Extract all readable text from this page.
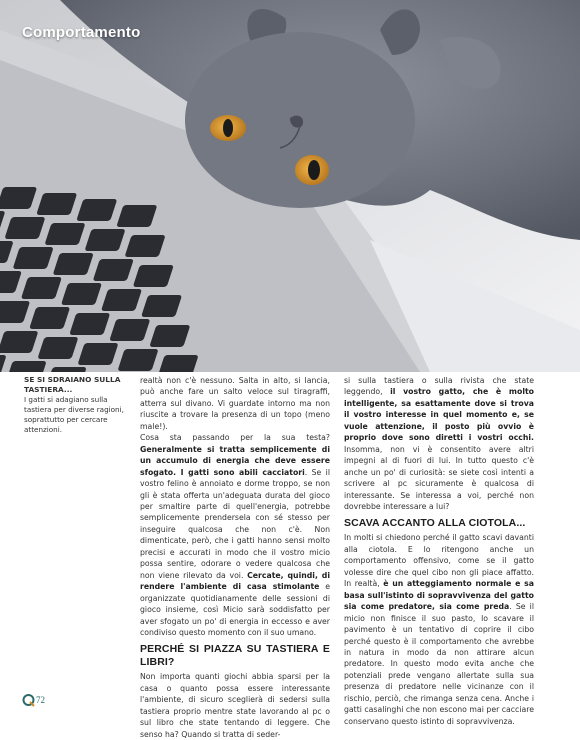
Comportamento
SE SI SDRAIANO SULLA TASTIERA...
I gatti si adagiano sulla tastiera per diverse ragioni, soprattutto per cercare attenzioni.

realtà non c'è nessuno. Salta in alto, si lancia, può anche fare un salto veloce sul tiragraffi, atterra sul divano. Vi guardate intorno ma non riuscite a trovare la presenza di un topo (meno male!).

Cosa sta passando per la sua testa? Generalmente si tratta semplicemente di un accumulo di energia che deve essere sfogato. I gatti sono abili cacciatori. Se il vostro felino è annoiato e dorme troppo, se non gli è stata offerta un'adeguata durata del gioco per smaltire parte di quell'energia, potrebbe semplicemente prendersela con sé stesso per inseguire qualcosa che non c'è. Non dimenticate, però, che i gatti hanno sensi molto precisi e accurati in modo che il vostro micio possa sentire, odorare o vedere qualcosa che non viene rilevato da voi. Cercate, quindi, di rendere l'ambiente di casa stimolante e organizzate quotidianamente delle sessioni di gioco insieme, così Micio sarà soddisfatto per aver sfogato un po' di energia in eccesso e aver condiviso questo momento con il suo umano.

PERCHÉ SI PIAZZA SU TASTIERA E LIBRI?

Non importa quanti giochi abbia sparsi per la casa o quanto possa essere interessante l'ambiente, di sicuro sceglierà di sedersi sulla tastiera proprio mentre state lavorando al pc o sul libro che state tentando di leggere. Che senso ha? Quando si tratta di seder-

si sulla tastiera o sulla rivista che state leggendo, il vostro gatto, che è molto intelligente, sa esattamente dove si trova il vostro interesse in quel momento e, se vuole attenzione, il posto più ovvio è proprio dove sono diretti i vostri occhi. Insomma, non vi è consentito avere altri impegni al di fuori di lui. In tutto questo c'è anche un po' di curiosità: se siete così intenti a scrivere al pc sicuramente è qualcosa di interessante. Se interessa a voi, perché non dovrebbe interessare a lui?

SCAVA ACCANTO ALLA CIOTOLA...

In molti si chiedono perché il gatto scavi davanti alla ciotola. E lo ritengono anche un comportamento offensivo, come se il gatto volesse dire che quel cibo non gli piace affatto. In realtà, è un atteggiamento normale e sa basa sull'istinto di sopravvivenza del gatto sia come predatore, sia come preda. Se il micio non finisce il suo pasto, lo scavare il pavimento è un tentativo di coprire il cibo perché questo è il comportamento che avrebbe in natura in modo da non attirare alcun predatore. In questo modo evita anche che potenziali prede vengano allertate sulla sua presenza di predatore nelle vicinanze con il rischio, perciò, che rimanga senza cena. Anche i gatti casalinghi che non escono mai per cacciare conservano questo istinto di sopravvivenza.

72
